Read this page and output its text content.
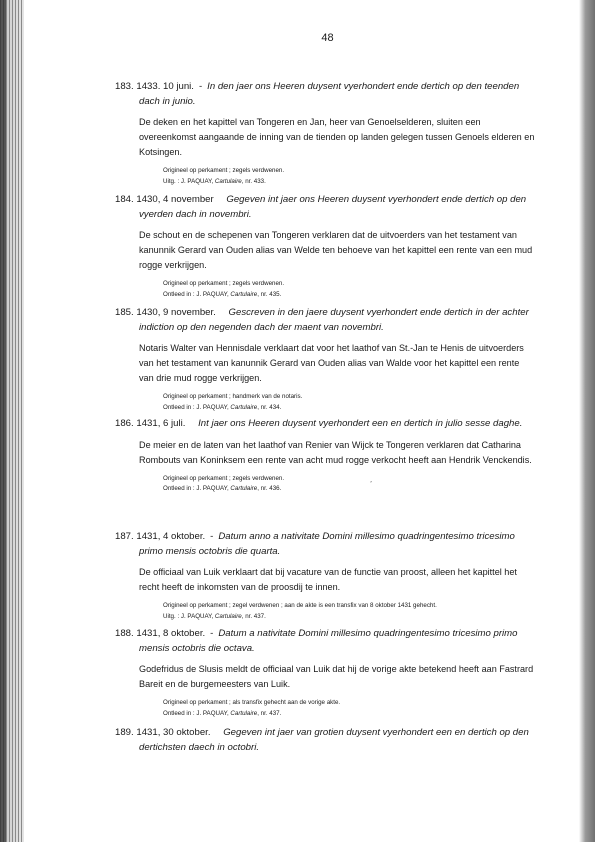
48
183. 1433. 10 juni. - In den jaer ons Heeren duysent vyerhondert ende dertich op den teenden dach in junio.
De deken en het kapittel van Tongeren en Jan, heer van Genoelselderen, sluiten een overeenkomst aangaande de inning van de tienden op landen gelegen tussen Genoels elderen en Kotsingen.
Origineel op perkament ; zegels verdwenen.
Uitg. : J. PAQUAY, Cartulaire, nr. 433.
184. 1430, 4 november Gegeven int jaer ons Heeren duysent vyerhondert ende dertich op den vyerden dach in novembri.
De schout en de schepenen van Tongeren verklaren dat de uitvoerders van het testament van kanunnik Gerard van Ouden alias van Welde ten behoeve van het kapittel een rente van een mud rogge verkrijgen.
Origineel op perkament ; zegels verdwenen.
Ontleed in : J. PAQUAY, Cartulaire, nr. 435.
185. 1430, 9 november. Gescreven in den jaere duysent vyerhondert ende dertich in der achter indiction op den negenden dach der maent van novembri.
Notaris Walter van Hennisdale verklaart dat voor het laathof van St.-Jan te Henis de uitvoerders van het testament van kanunnik Gerard van Ouden alias van Walde voor het kapittel een rente van drie mud rogge verkrijgen.
Origineel op perkament ; handmerk van de notaris.
Ontleed in : J. PAQUAY, Cartulaire, nr. 434.
186. 1431, 6 juli. Int jaer ons Heeren duysent vyerhondert een en dertich in julio sesse daghe.
De meier en de laten van het laathof van Renier van Wijck te Tongeren verklaren dat Catharina Rombouts van Koninksem een rente van acht mud rogge verkocht heeft aan Hendrik Venckendis.
Origineel op perkament ; zegels verdwenen.
Ontleed in : J. PAQUAY, Cartulaire, nr. 436.
187. 1431, 4 oktober. - Datum anno a nativitate Domini millesimo quadringentesimo tricesimo primo mensis octobris die quarta.
De officiaal van Luik verklaart dat bij vacature van de functie van proost, alleen het kapittel het recht heeft de inkomsten van de proosdij te innen.
Origineel op perkament ; zegel verdwenen ; aan de akte is een transfix van 8 oktober 1431 gehecht.
Uitg. : J. PAQUAY, Cartulaire, nr. 437.
188. 1431, 8 oktober. - Datum a nativitate Domini millesimo quadringentesimo tricesimo primo mensis octobris die octava.
Godefridus de Slusis meldt de officiaal van Luik dat hij de vorige akte betekend heeft aan Fastrard Bareit en de burgemeesters van Luik.
Origineel op perkament ; als transfix gehecht aan de vorige akte.
Ontleed in : J. PAQUAY, Cartulaire, nr. 437.
189. 1431, 30 oktober. Gegeven int jaer van grotien duysent vyerhondert een en dertich op den dertichsten daech in octobri.
’
